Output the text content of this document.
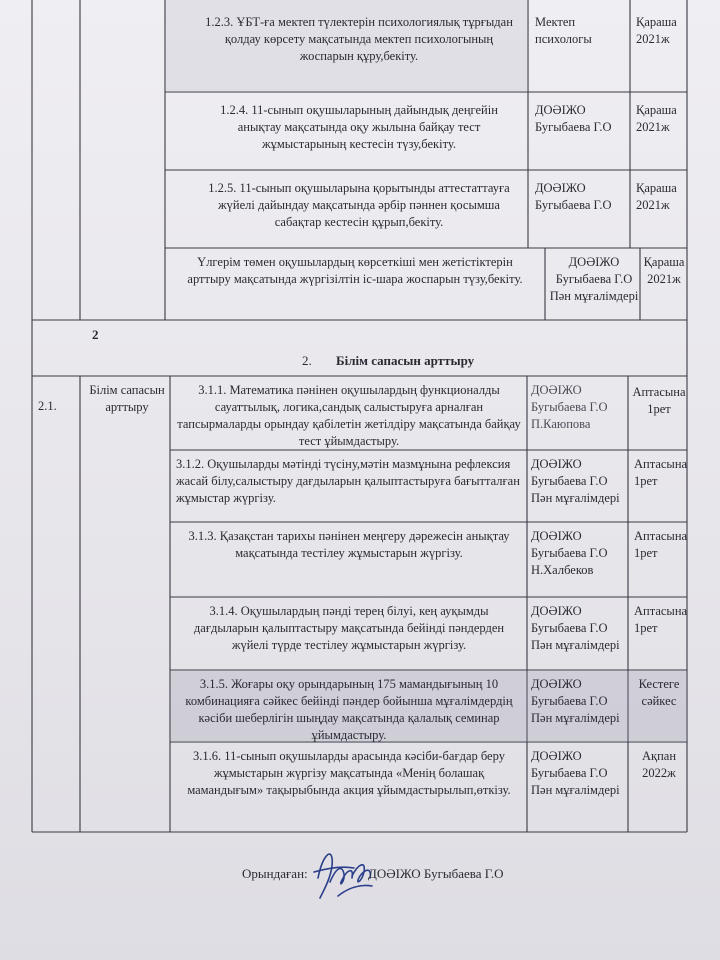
1.2.3. ҰБТ-ға мектеп түлектерін психологиялық тұрғыдан қолдау көрсету мақсатында мектеп психологының жоспарын құру,бекіту.
Мектеп психологы
Қараша 2021ж
1.2.4. 11-сынып оқушыларының дайындық деңгейін анықтау мақсатында оқу жылына байқау тест жұмыстарының кестесін түзу,бекіту.
ДОӘІЖО Бугыбаева Г.О
Қараша 2021ж
1.2.5. 11-сынып оқушыларына қорытынды аттестаттауға жүйелі дайындау мақсатында әрбір пәннен қосымша сабақтар кестесін құрып,бекіту.
ДОӘІЖО Бугыбаева Г.О
Қараша 2021ж
Үлгерім төмен оқушылардың көрсеткіші мен жетістіктерін арттыру мақсатында жүргізілтін іс-шара жоспарын түзу,бекіту.
ДОӘІЖО Бугыбаева Г.О Пән мұғалімдері
Қараша 2021ж
2
2. Білім сапасын арттыру
2.1.
Білім сапасын арттыру
3.1.1. Математика пәнінен оқушылардың функционалды сауаттылық, логика,сандық салыстыруға арналған тапсырмаларды орындау қабілетін жетілдіру мақсатында байқау тест ұйымдастыру.
ДОӘІЖО Бугыбаева Г.О П.Каюпова
Аптасына 1рет
3.1.2. Оқушыларды мәтінді түсіну,мәтін мазмұнына рефлексия жасай білу,салыстыру дағдыларын қалыптастыруға бағытталған жұмыстар жүргізу.
ДОӘІЖО Бугыбаева Г.О Пән мұғалімдері
Аптасына 1рет
3.1.3. Қазақстан тарихы пәнінен меңгеру дәрежесін анықтау мақсатында тестілеу жұмыстарын жүргізу.
ДОӘІЖО Бугыбаева Г.О Н.Халбеков
Аптасына 1рет
3.1.4. Оқушылардың пәнді терең білуі, кең ауқымды дағдыларын қалыптастыру мақсатында бейінді пәндерден жүйелі түрде тестілеу жұмыстарын жүргізу.
ДОӘІЖО Бугыбаева Г.О Пән мұғалімдері
Аптасына 1рет
3.1.5. Жоғары оқу орындарының 175 мамандығының 10 комбинацияға сәйкес бейінді пәндер бойынша мұғалімдердің кәсіби шеберлігін шыңдау мақсатында қалалық семинар ұйымдастыру.
ДОӘІЖО Бугыбаева Г.О Пән мұғалімдері
Кестеге сәйкес
3.1.6. 11-сынып оқушыларды арасында кәсіби-бағдар беру жұмыстарын жүргізу мақсатында «Менің болашақ мамандығым» тақырыбында акция ұйымдастырылып,өткізу.
ДОӘІЖО Бугыбаева Г.О Пән мұғалімдері
Ақпан 2022ж
Орындаған:	ДОӘІЖО Бугыбаева Г.О
